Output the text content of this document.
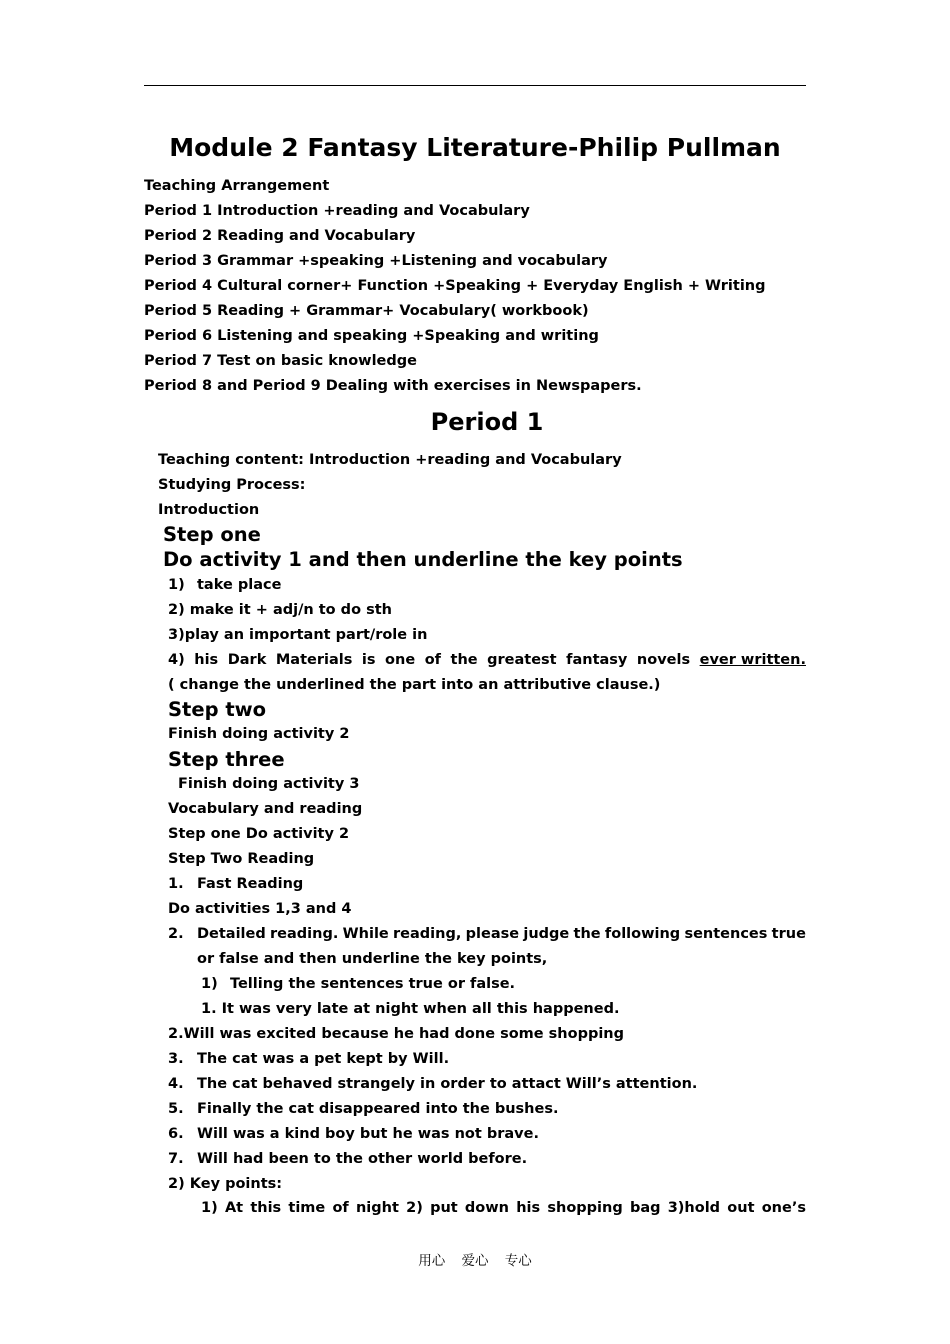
Module 2 Fantasy Literature-Philip Pullman
Teaching Arrangement
Period 1 Introduction +reading and Vocabulary
Period 2 Reading and Vocabulary
Period 3 Grammar +speaking +Listening and vocabulary
Period 4 Cultural corner+ Function +Speaking + Everyday English + Writing
Period 5 Reading + Grammar+ Vocabulary( workbook)
Period 6 Listening and speaking +Speaking and writing
Period 7 Test on basic knowledge
Period 8 and Period 9 Dealing with exercises in Newspapers.
Period 1
Teaching content: Introduction +reading and Vocabulary
Studying Process:
Introduction
Step one
Do activity 1 and then underline the key points
1) take place
2) make it + adj/n to do sth
3)play an important part/role in
4) his Dark Materials is one of the greatest fantasy novels ever written.
( change the underlined the part into an attributive clause.)
Step two
Finish doing activity 2
Step three
Finish doing activity 3
Vocabulary and reading
Step one Do activity 2
Step Two Reading
1. Fast Reading
Do activities 1,3 and 4
2. Detailed reading. While reading, please judge the following sentences true
or false and then underline the key points,
1) Telling the sentences true or false.
1. It was very late at night when all this happened.
2.Will was excited because he had done some shopping
3. The cat was a pet kept by Will.
4. The cat behaved strangely in order to attact Will’s attention.
5. Finally the cat disappeared into the bushes.
6. Will was a kind boy but he was not brave.
7. Will had been to the other world before.
2) Key points:
1) At this time of night 2) put down his shopping bag 3)hold out one’s
用心 爱心 专心
